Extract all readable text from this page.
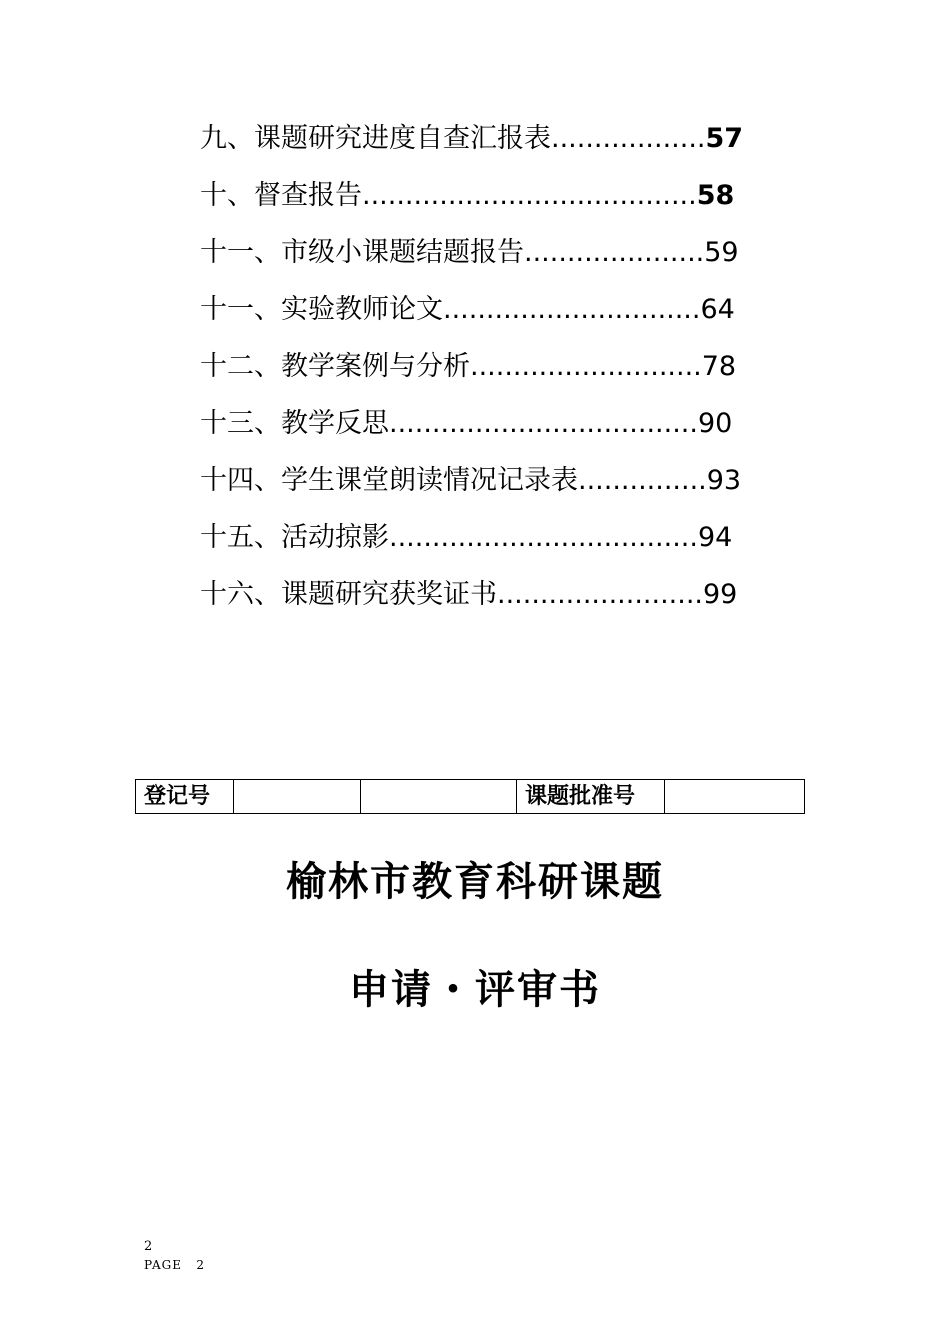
九、课题研究进度自查汇报表..................57
十、督查报告.......................................58
十一、市级小课题结题报告.....................59
十一、实验教师论文..............................64
十二、教学案例与分析...........................78
十三、教学反思....................................90
十四、学生课堂朗读情况记录表...............93
十五、活动掠影....................................94
十六、课题研究获奖证书........................99
登记号			课题批准号	
榆林市教育科研课题
申请・评审书
2
PAGE   2
